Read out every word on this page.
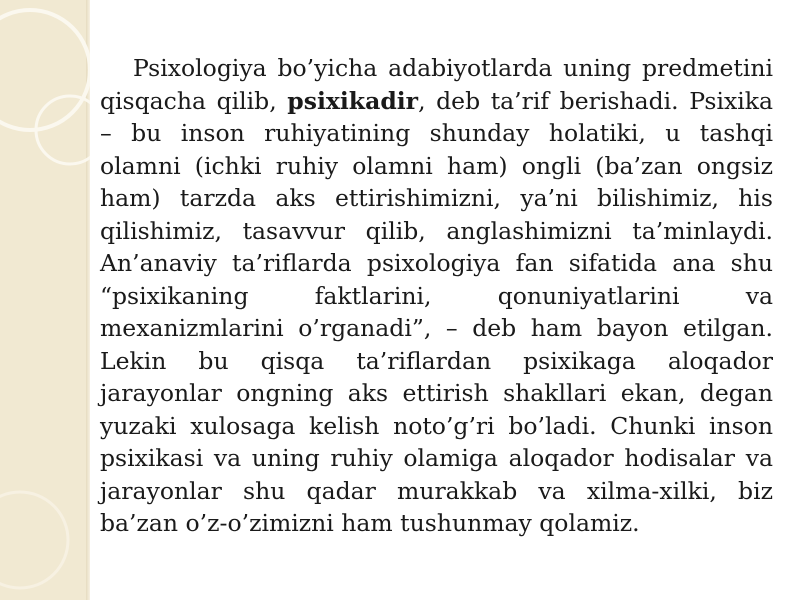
Psixologiya bo’yicha adabiyotlarda uning predmetini qisqacha qilib, psixikadir, deb ta’rif berishadi. Psixika – bu inson ruhiyatining shunday holatiki, u tashqi olamni (ichki ruhiy olamni ham) ongli (ba’zan ongsiz ham) tarzda aks ettirishimizni, ya’ni bilishimiz, his qilishimiz, tasavvur qilib, anglashimizni ta’minlaydi. An’anaviy ta’riflarda psixologiya fan sifatida ana shu “psixikaning faktlarini, qonuniyatlarini va mexanizmlarini o’rganadi”, – deb ham bayon etilgan. Lekin bu qisqa ta’riflardan psixikaga aloqador jarayonlar ongning aks ettirish shakllari ekan, degan yuzaki xulosaga kelish noto’g’ri bo’ladi. Chunki inson psixikasi va uning ruhiy olamiga aloqador hodisalar va jarayonlar shu qadar murakkab va xilma-xilki, biz ba’zan o’z-o’zimizni ham tushunmay qolamiz.
